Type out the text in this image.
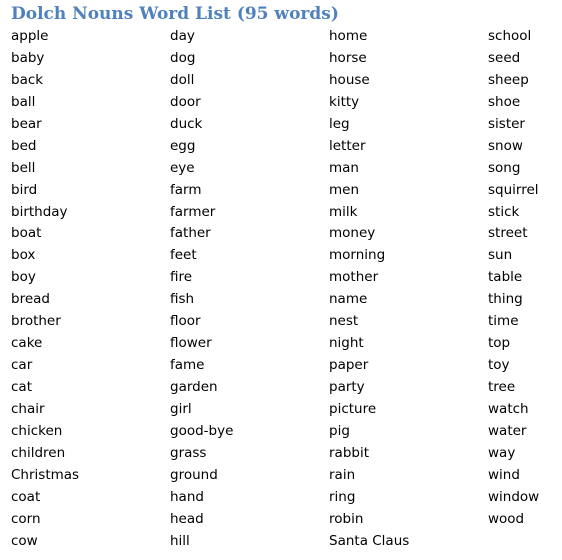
Dolch Nouns Word List (95 words)
apple
baby
back
ball
bear
bed
bell
bird
birthday
boat
box
boy
bread
brother
cake
car
cat
chair
chicken
children
Christmas
coat
corn
cow
day
dog
doll
door
duck
egg
eye
farm
farmer
father
feet
fire
fish
floor
flower
fame
garden
girl
good-bye
grass
ground
hand
head
hill
home
horse
house
kitty
leg
letter
man
men
milk
money
morning
mother
name
nest
night
paper
party
picture
pig
rabbit
rain
ring
robin
Santa Claus
school
seed
sheep
shoe
sister
snow
song
squirrel
stick
street
sun
table
thing
time
top
toy
tree
watch
water
way
wind
window
wood
